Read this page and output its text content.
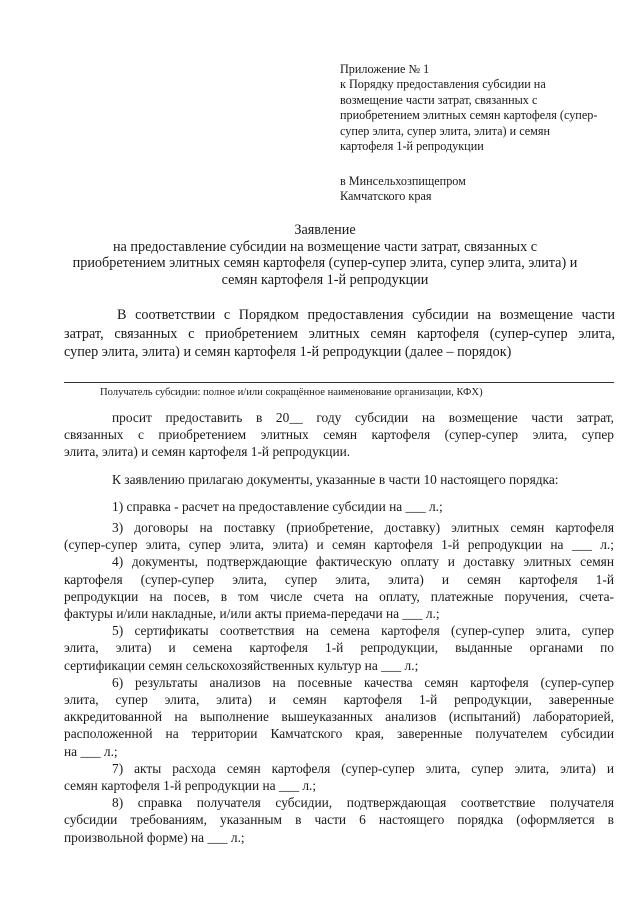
Приложение № 1
к Порядку предоставления субсидии на
возмещение части затрат, связанных с
приобретением элитных семян картофеля (супер-
супер элита, супер элита, элита) и семян
картофеля 1-й репродукции
в Минсельхозпищепром
Камчатского края
Заявление
на предоставление субсидии на возмещение части затрат, связанных с
приобретением элитных семян картофеля (супер-супер элита, супер элита, элита) и
семян картофеля 1-й репродукции
В соответствии с Порядком предоставления субсидии на возмещение части
затрат, связанных с приобретением элитных семян картофеля (супер-супер элита,
супер элита, элита) и семян картофеля 1-й репродукции (далее – порядок)
Получатель субсидии: полное и/или сокращённое наименование организации, КФХ)
просит предоставить в 20__ году субсидии на возмещение части затрат,
связанных с приобретением элитных семян картофеля (супер-супер элита, супер
элита, элита) и семян картофеля 1-й репродукции.
К заявлению прилагаю документы, указанные в части 10 настоящего порядка:
1) справка - расчет на предоставление субсидии на ___ л.;
3) договоры на поставку (приобретение, доставку) элитных семян картофеля
(супер-супер элита, супер элита, элита) и семян картофеля 1-й репродукции на ___ л.;
4) документы, подтверждающие фактическую оплату и доставку элитных семян
картофеля (супер-супер элита, супер элита, элита) и семян картофеля 1-й
репродукции на посев, в том числе счета на оплату, платежные поручения, счета-
фактуры и/или накладные, и/или акты приема-передачи на ___ л.;
5) сертификаты соответствия на семена картофеля (супер-супер элита, супер
элита, элита) и семена картофеля 1-й репродукции, выданные органами по
сертификации семян сельскохозяйственных культур на ___ л.;
6) результаты анализов на посевные качества семян картофеля (супер-супер
элита, супер элита, элита) и семян картофеля 1-й репродукции, заверенные
аккредитованной на выполнение вышеуказанных анализов (испытаний) лабораторией,
расположенной на территории Камчатского края, заверенные получателем субсидии
на ___ л.;
7) акты расхода семян картофеля (супер-супер элита, супер элита, элита) и
семян картофеля 1-й репродукции на ___ л.;
8) справка получателя субсидии, подтверждающая соответствие получателя
субсидии требованиям, указанным в части 6 настоящего порядка (оформляется в
произвольной форме) на ___ л.;
